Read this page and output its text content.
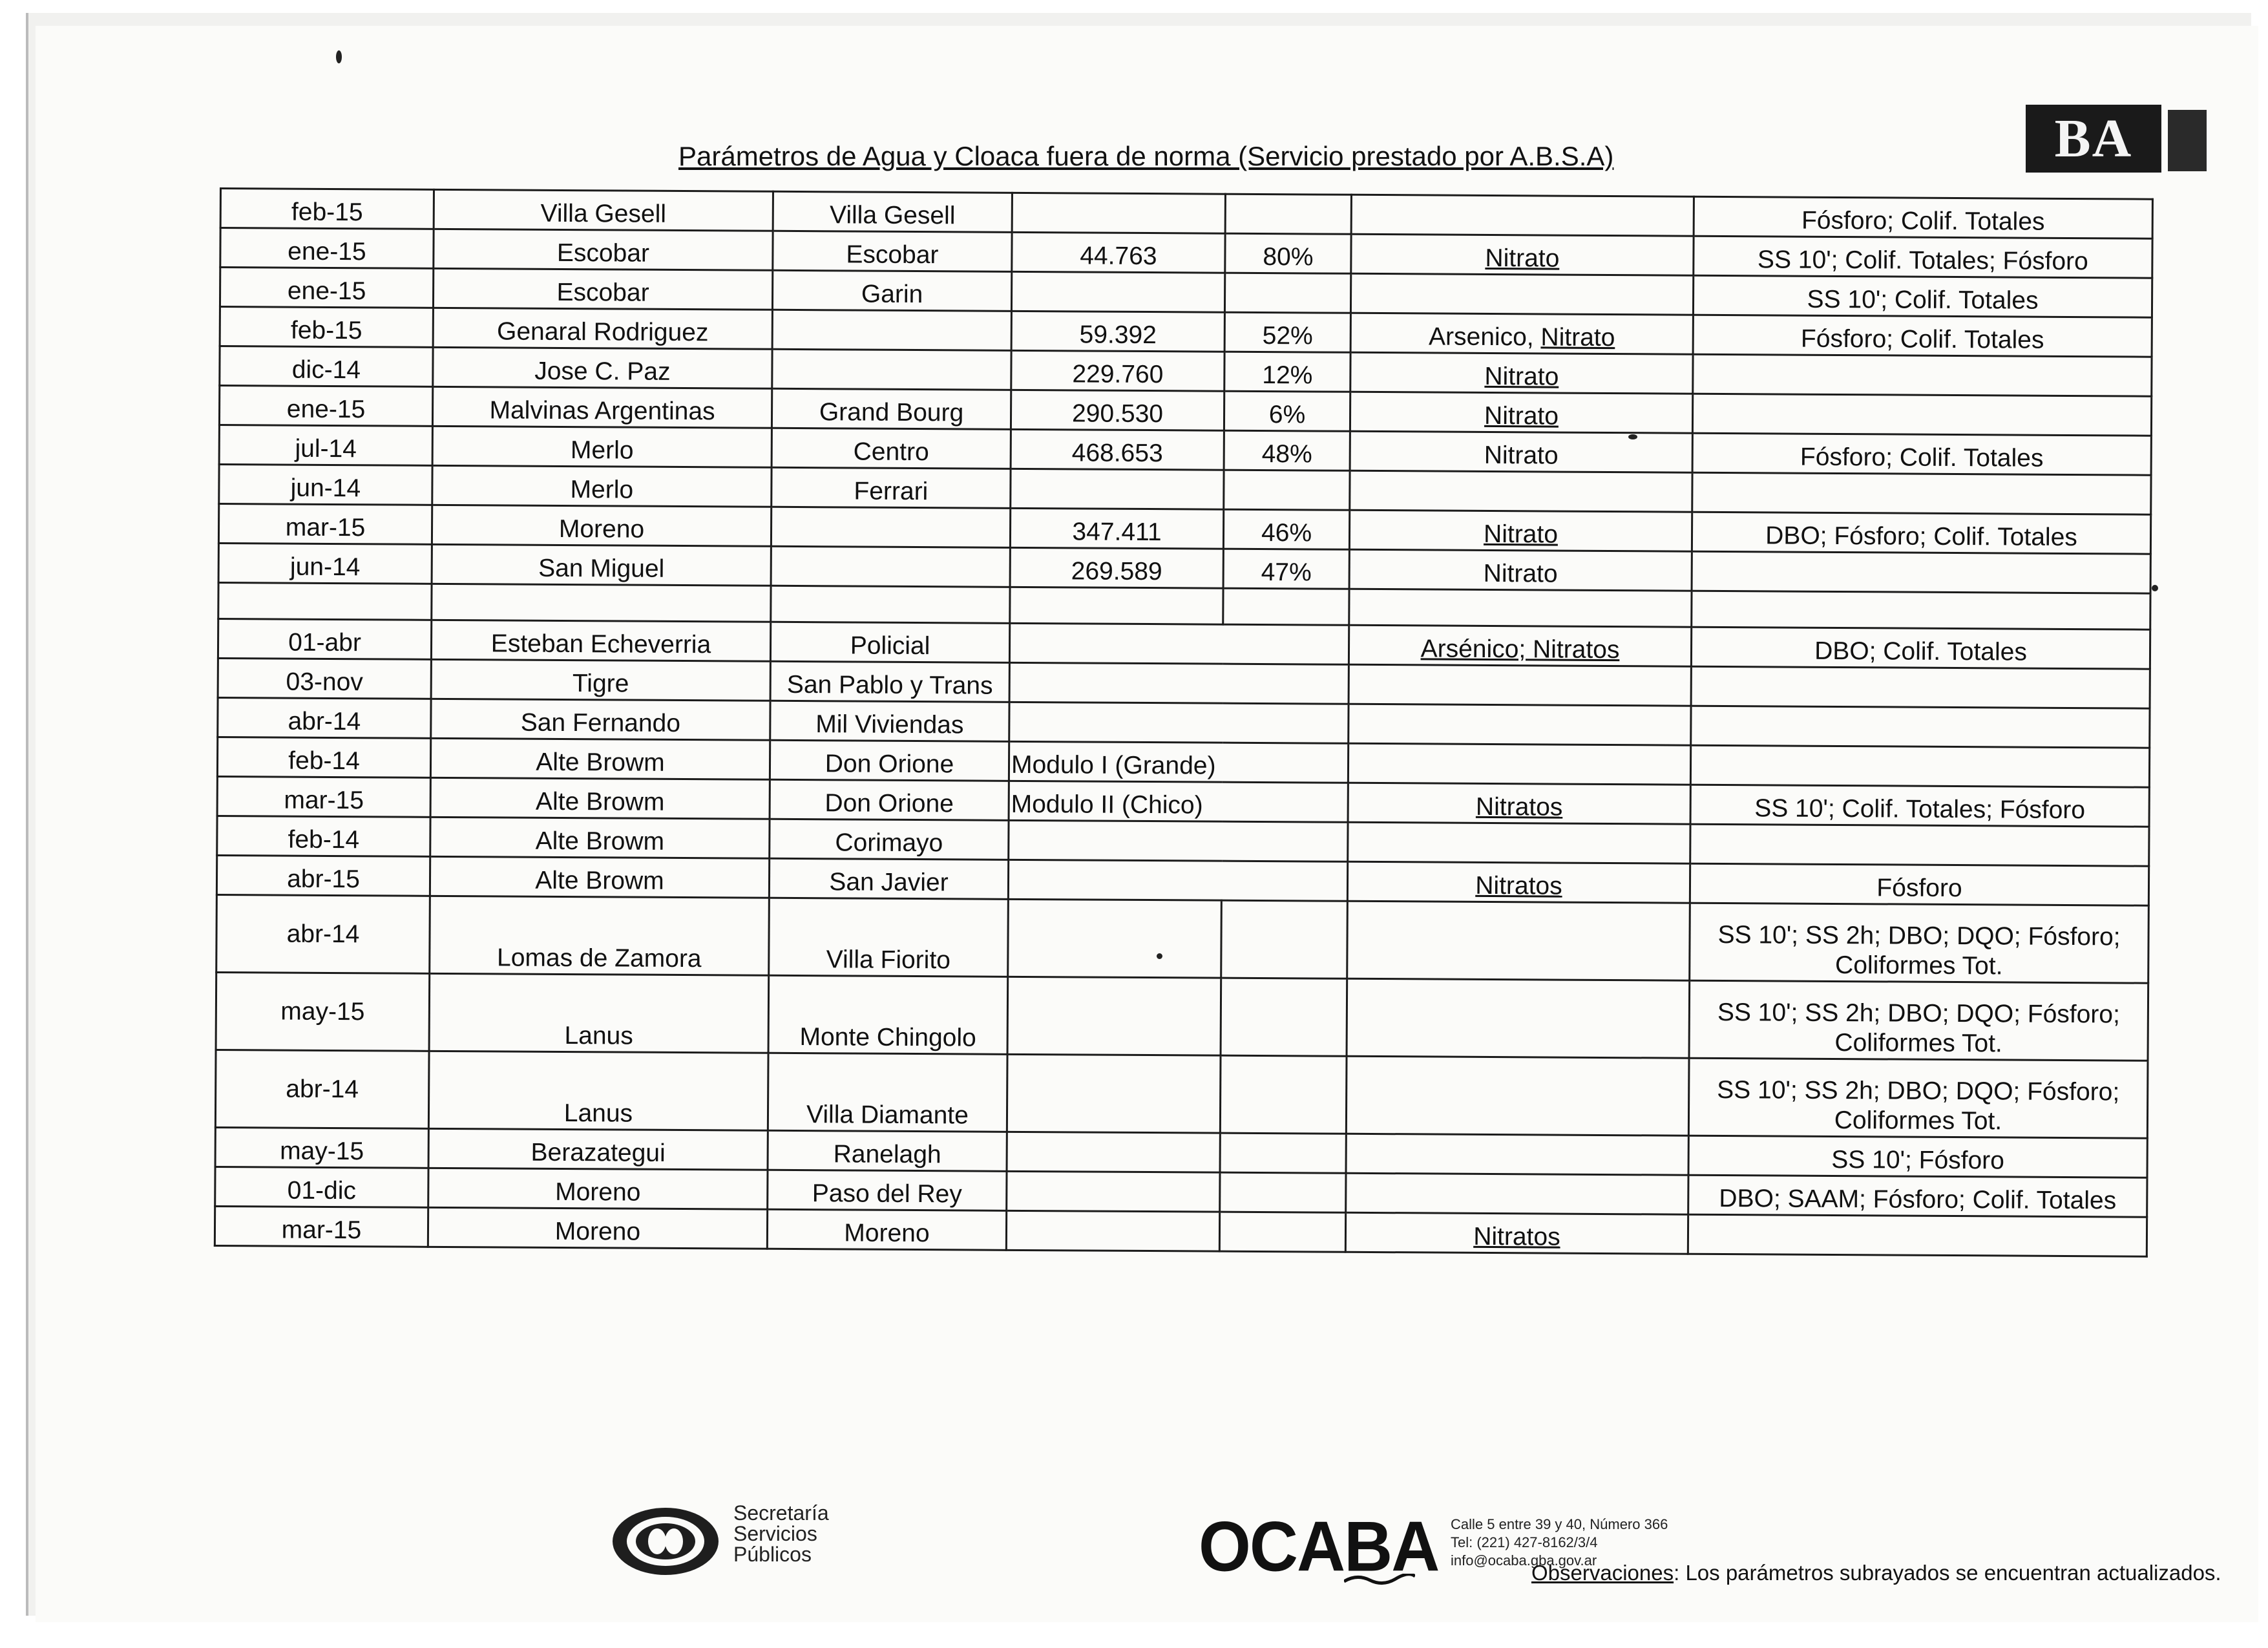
Parámetros de Agua y Cloaca fuera de norma (Servicio prestado por A.B.S.A)	BA
feb-15	Villa Gesell	Villa Gesell				Fósforo; Colif. Totales
ene-15	Escobar	Escobar	44.763	80%	Nitrato	SS 10'; Colif. Totales; Fósforo
ene-15	Escobar	Garin				SS 10'; Colif. Totales
feb-15	Genaral Rodriguez		59.392	52%	Arsenico, Nitrato	Fósforo; Colif. Totales
dic-14	Jose C. Paz		229.760	12%	Nitrato	
ene-15	Malvinas Argentinas	Grand Bourg	290.530	6%	Nitrato	
jul-14	Merlo	Centro	468.653	48%	Nitrato	Fósforo; Colif. Totales
jun-14	Merlo	Ferrari				
mar-15	Moreno		347.411	46%	Nitrato	DBO; Fósforo; Colif. Totales
jun-14	San Miguel		269.589	47%	Nitrato	

01-abr	Esteban Echeverria	Policial			Arsénico; Nitratos	DBO; Colif. Totales
03-nov	Tigre	San Pablo y Trans				
abr-14	San Fernando	Mil Viviendas				
feb-14	Alte Browm	Don Orione	Modulo I (Grande)			
mar-15	Alte Browm	Don Orione	Modulo II (Chico)		Nitratos	SS 10'; Colif. Totales; Fósforo
feb-14	Alte Browm	Corimayo				
abr-15	Alte Browm	San Javier			Nitratos	Fósforo
abr-14	Lomas de Zamora	Villa Fiorito				SS 10'; SS 2h; DBO; DQO; Fósforo;
Coliformes Tot.

may-15	Lanus	Monte Chingolo				SS 10'; SS 2h; DBO; DQO; Fósforo;
Coliformes Tot.

abr-14	Lanus	Villa Diamante				SS 10'; SS 2h; DBO; DQO; Fósforo;
Coliformes Tot.

may-15	Berazategui	Ranelagh				SS 10'; Fósforo
01-dic	Moreno	Paso del Rey				DBO; SAAM; Fósforo; Colif. Totales
mar-15	Moreno	Moreno			Nitratos	
Secretaría
Servicios
Públicos	OCABA Calle 5 entre 39 y 40, Número 366
Tel: (221) 427-8162/3/4
info@ocaba.gba.gov.ar
Observaciones: Los parámetros subrayados se encuentran actualizados.
